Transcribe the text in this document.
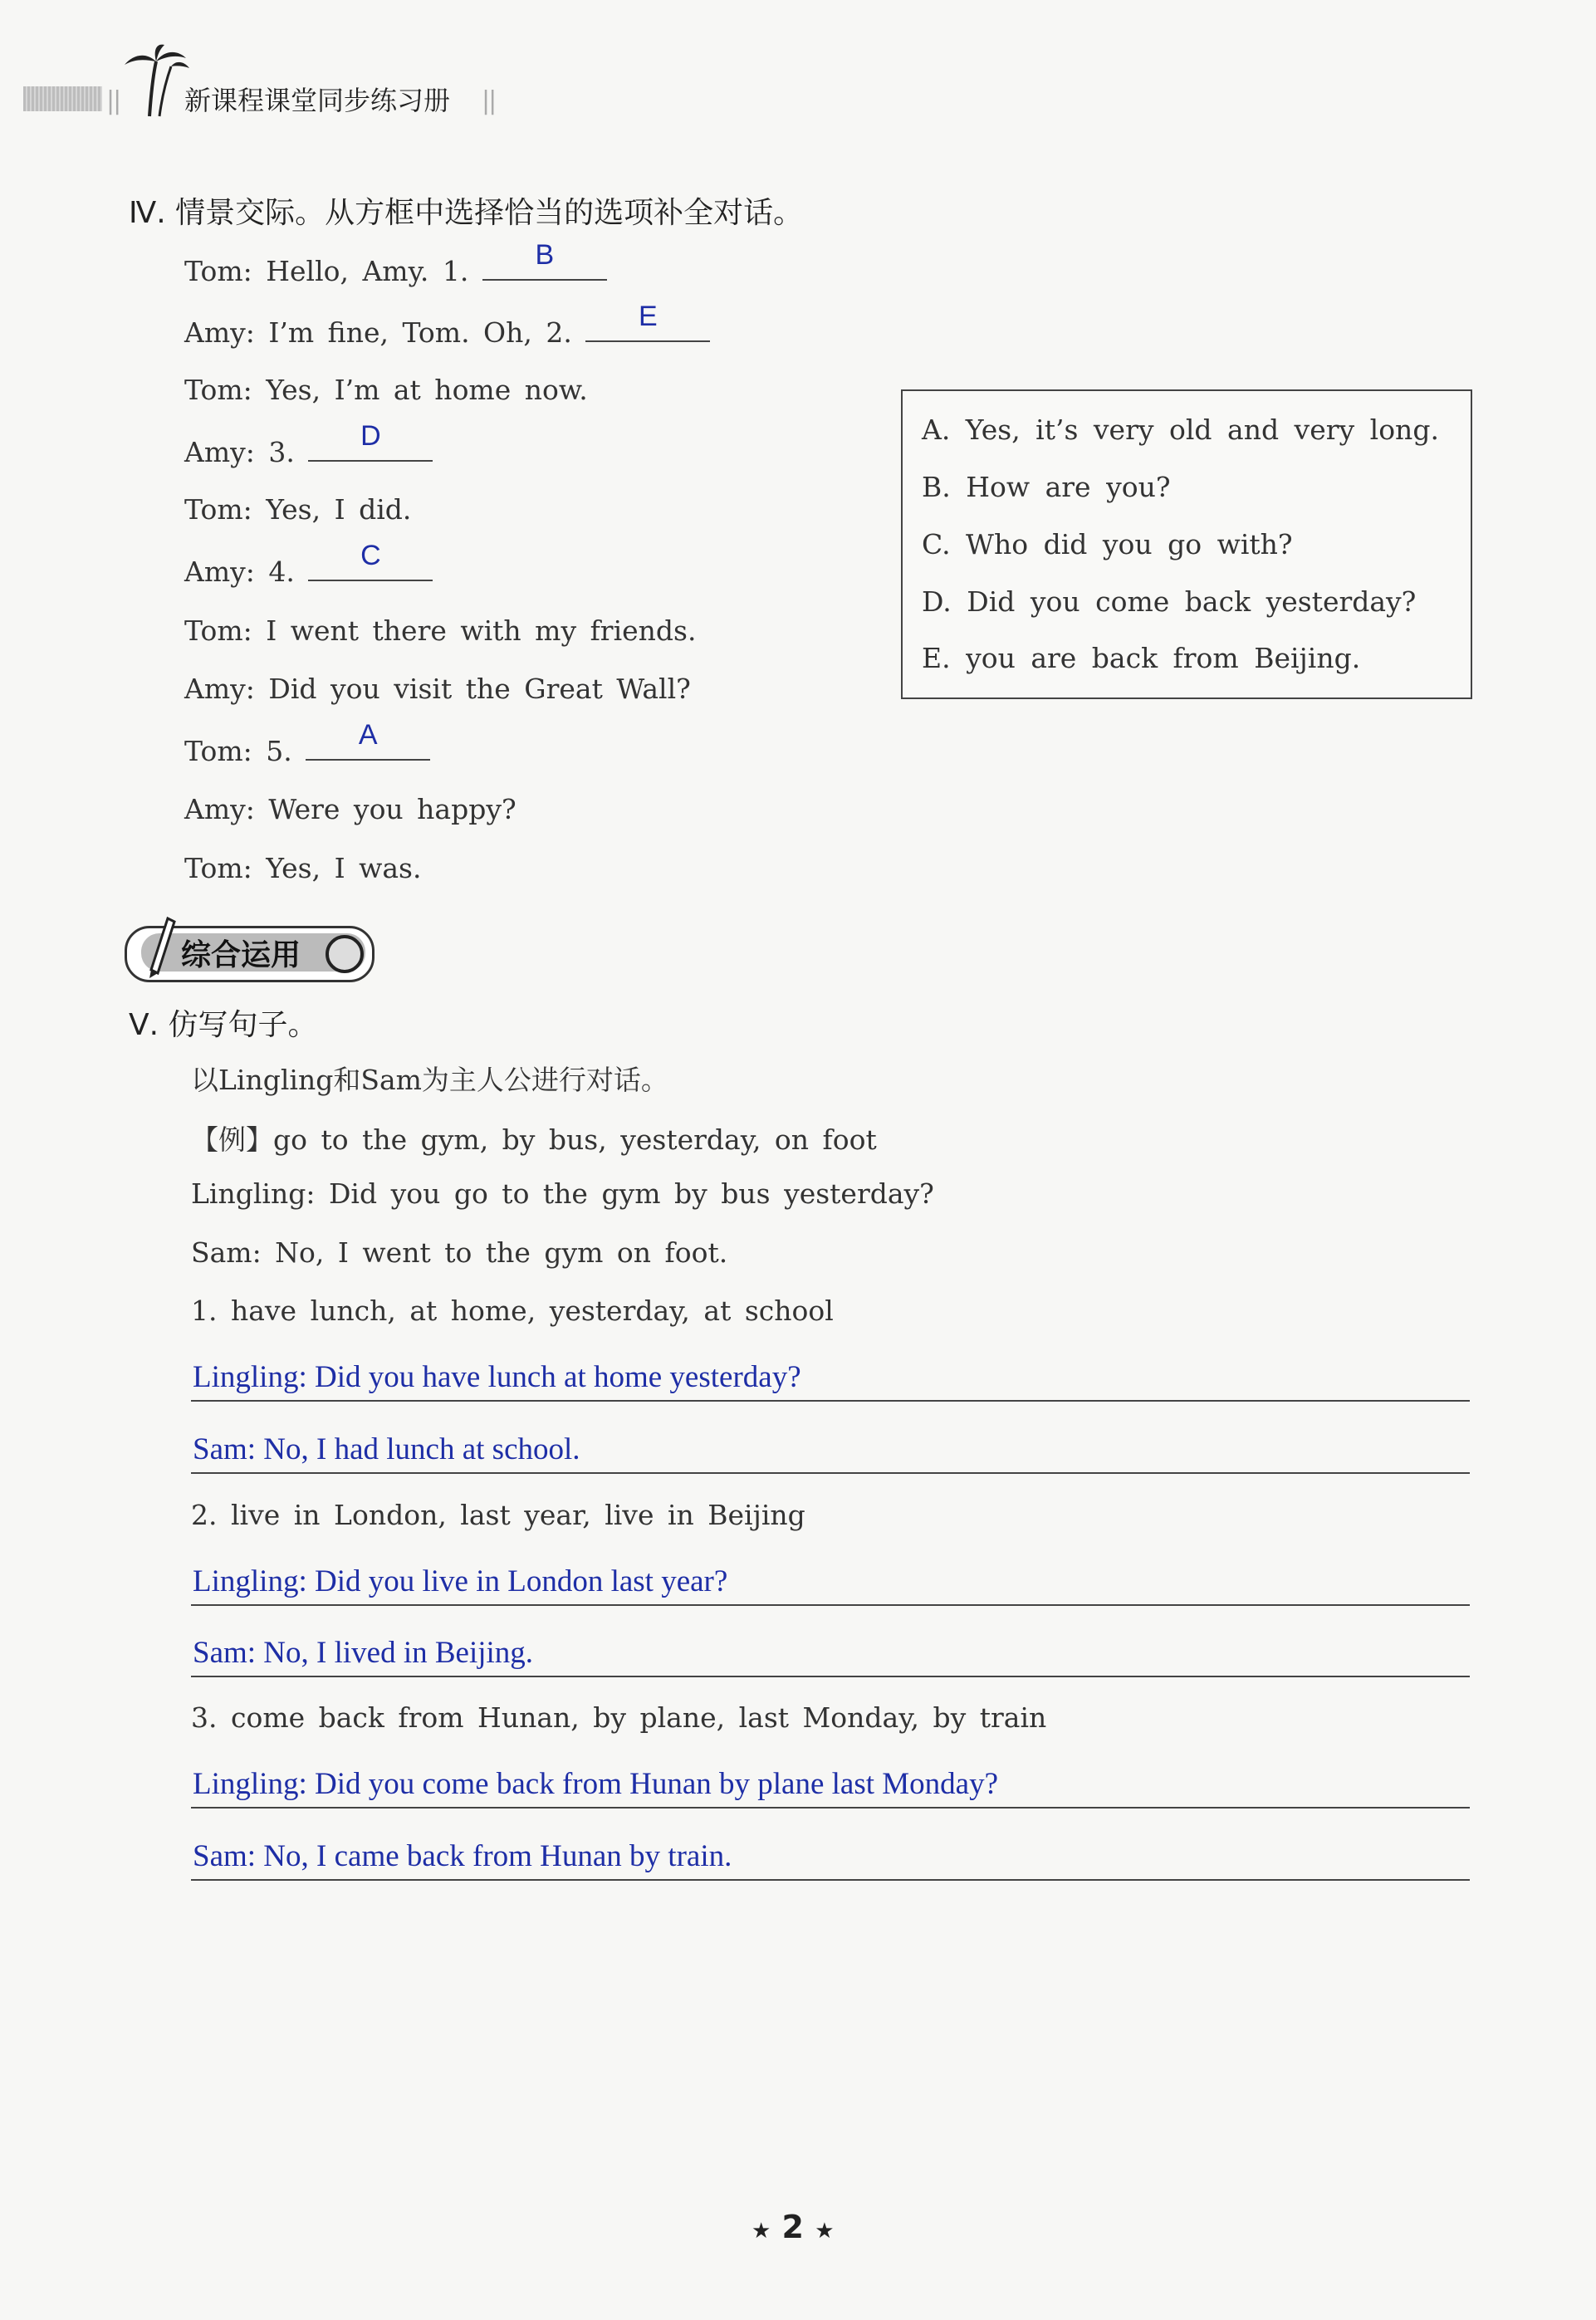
|| 新课程课堂同步练习册 ||
Ⅳ. 情景交际。从方框中选择恰当的选项补全对话。
Tom: Hello, Amy. 1.	B
Amy: I’m fine, Tom. Oh, 2.	E
Tom: Yes, I’m at home now.
Amy: 3.	D
Tom: Yes, I did.
Amy: 4.	C
Tom: I went there with my friends.
Amy: Did you visit the Great Wall?
Tom: 5.	A
Amy: Were you happy?
Tom: Yes, I was.
A. Yes, it’s very old and very long.
B. How are you?
C. Who did you go with?
D. Did you come back yesterday?
E. you are back from Beijing.
综合运用
Ⅴ. 仿写句子。
以Lingling和Sam为主人公进行对话。
【例】go to the gym, by bus, yesterday, on foot
Lingling: Did you go to the gym by bus yesterday?
Sam: No, I went to the gym on foot.
1. have lunch, at home, yesterday, at school
Lingling: Did you have lunch at home yesterday?
Sam: No, I had lunch at school.
2. live in London, last year, live in Beijing
Lingling: Did you live in London last year?
Sam: No, I lived in Beijing.
3. come back from Hunan, by plane, last Monday, by train
Lingling: Did you come back from Hunan by plane last Monday?
Sam: No, I came back from Hunan by train.
★ 2 ★
